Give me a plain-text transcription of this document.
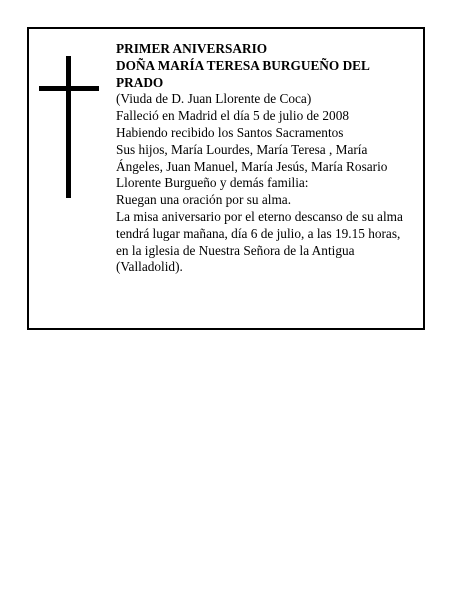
PRIMER ANIVERSARIO

DOÑA MARÍA TERESA BURGUEÑO DEL PRADO

(Viuda de D. Juan Llorente de Coca)

Falleció en Madrid el día 5 de julio de 2008

Habiendo recibido los Santos Sacramentos

Sus hijos, María Lourdes, María Teresa , María Ángeles, Juan Manuel, María Jesús, María Rosario Llorente Burgueño y demás familia:

Ruegan una oración por su alma.

La misa aniversario por el eterno descanso de su alma tendrá lugar mañana, día 6 de julio, a las 19.15 horas, en la iglesia de Nuestra Señora de la Antigua (Valladolid).
